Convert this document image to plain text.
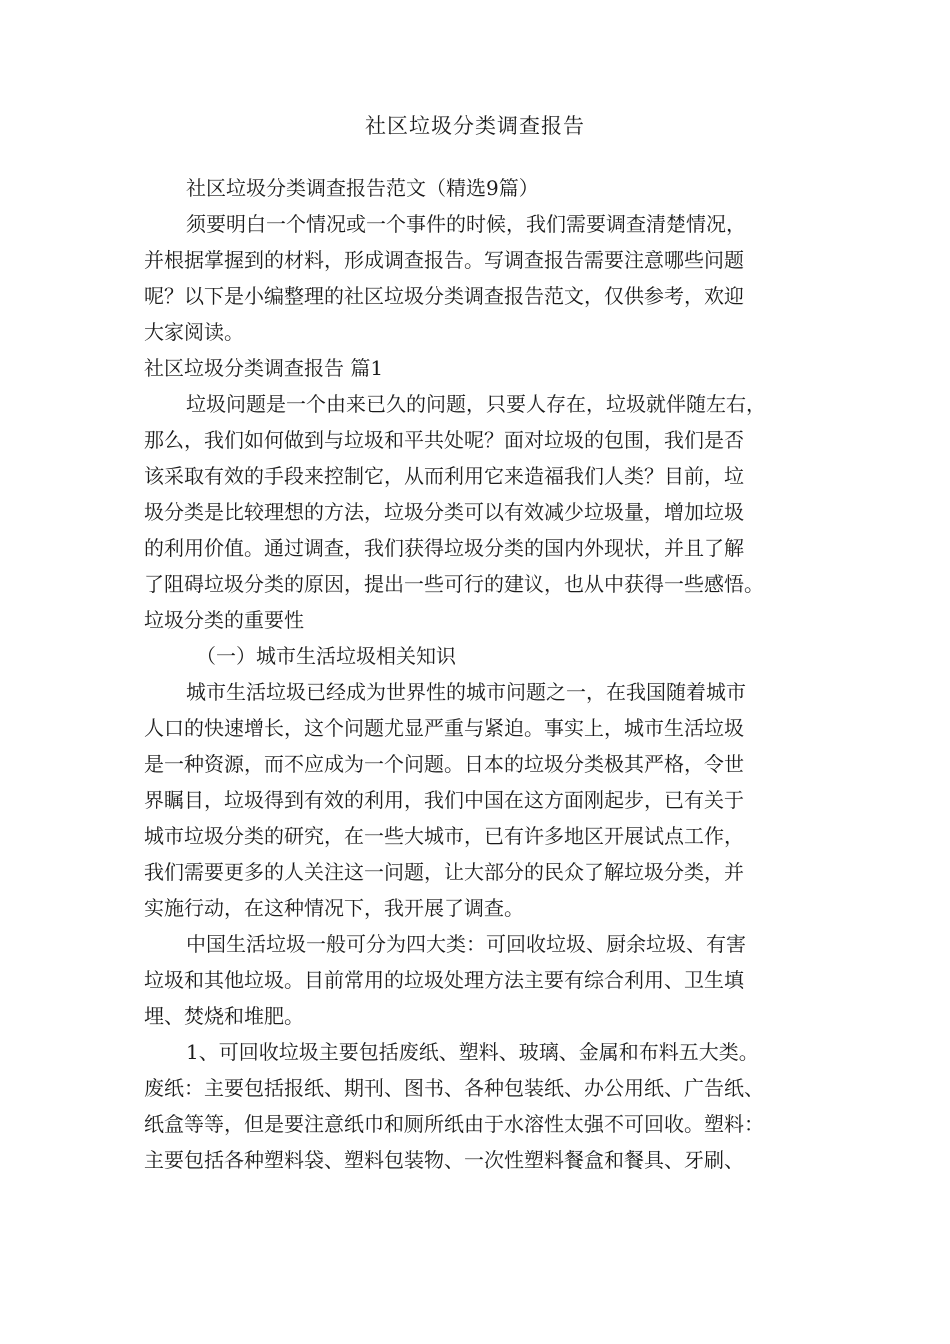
社区垃圾分类调查报告
社区垃圾分类调查报告范文（精选9篇）
须要明白一个情况或一个事件的时候，我们需要调查清楚情况，
并根据掌握到的材料，形成调查报告。写调查报告需要注意哪些问题
呢？以下是小编整理的社区垃圾分类调查报告范文，仅供参考，欢迎
大家阅读。
社区垃圾分类调查报告 篇1
垃圾问题是一个由来已久的问题，只要人存在，垃圾就伴随左右，
那么，我们如何做到与垃圾和平共处呢？面对垃圾的包围，我们是否
该采取有效的手段来控制它，从而利用它来造福我们人类？目前，垃
圾分类是比较理想的方法，垃圾分类可以有效减少垃圾量，增加垃圾
的利用价值。通过调查，我们获得垃圾分类的国内外现状，并且了解
了阻碍垃圾分类的原因，提出一些可行的建议，也从中获得一些感悟。
垃圾分类的重要性
（一）城市生活垃圾相关知识
城市生活垃圾已经成为世界性的城市问题之一，在我国随着城市
人口的快速增长，这个问题尤显严重与紧迫。事实上，城市生活垃圾
是一种资源，而不应成为一个问题。日本的垃圾分类极其严格，令世
界瞩目，垃圾得到有效的利用，我们中国在这方面刚起步，已有关于
城市垃圾分类的研究，在一些大城市，已有许多地区开展试点工作，
我们需要更多的人关注这一问题，让大部分的民众了解垃圾分类，并
实施行动，在这种情况下，我开展了调查。
中国生活垃圾一般可分为四大类：可回收垃圾、厨余垃圾、有害
垃圾和其他垃圾。目前常用的垃圾处理方法主要有综合利用、卫生填
埋、焚烧和堆肥。
1、可回收垃圾主要包括废纸、塑料、玻璃、金属和布料五大类。
废纸：主要包括报纸、期刊、图书、各种包装纸、办公用纸、广告纸、
纸盒等等，但是要注意纸巾和厕所纸由于水溶性太强不可回收。塑料：
主要包括各种塑料袋、塑料包装物、一次性塑料餐盒和餐具、牙刷、
